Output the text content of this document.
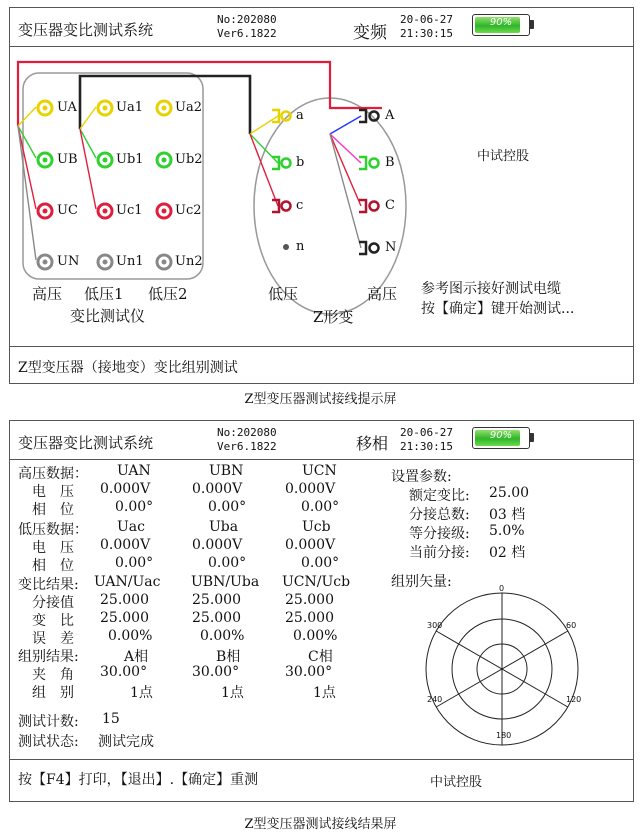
变压器变比测试系统
No:202080
Ver6.1822	变频
20-06-27
21:30:15
90%
UA
UB
UC
UN
Ua1
Ub1
Uc1
Un1
Ua2
Ub2
Uc2
Un2
a
b
c
n
A
B
C
N
高压 低压1 低压2
变比测试仪
低压	高压
Z形变
中试控股
参考图示接好测试电缆
按【确定】键开始测试...
Z型变压器（接地变）变比组别测试
Z型变压器测试接线提示屏
变压器变比测试系统
No:202080
Ver6.1822	移相
20-06-27
21:30:15
90%
高压数据： UAN	UBN	UCN
电　压 0.000V	0.000V	0.000V
相　位	0.00°	0.00°	0.00°
低压数据： Uac	Uba	Ucb
电　压 0.000V	0.000V	0.000V
相　位	0.00°	0.00°	0.00°
变比结果: UAN/Uac UBN/Uba UCN/Ucb
分接值 25.000	25.000	25.000
变　比 25.000	25.000	25.000
误　差 0.00%	0.00%	0.00%
组别结果:	A相	B相	C相
夹　角 30.00°	30.00°	30.00°
组　别	1点	1点	1点
测试计数: 15
测试状态: 测试完成
设置参数:
额定变比: 25.00
分接总数: 03 档
等分接级: 5.0%
当前分接: 02 档
组别矢量:	0
60
120
180
240
300
按【F4】打印，【退出】.【确定】重测	中试控股
Z型变压器测试接线结果屏
